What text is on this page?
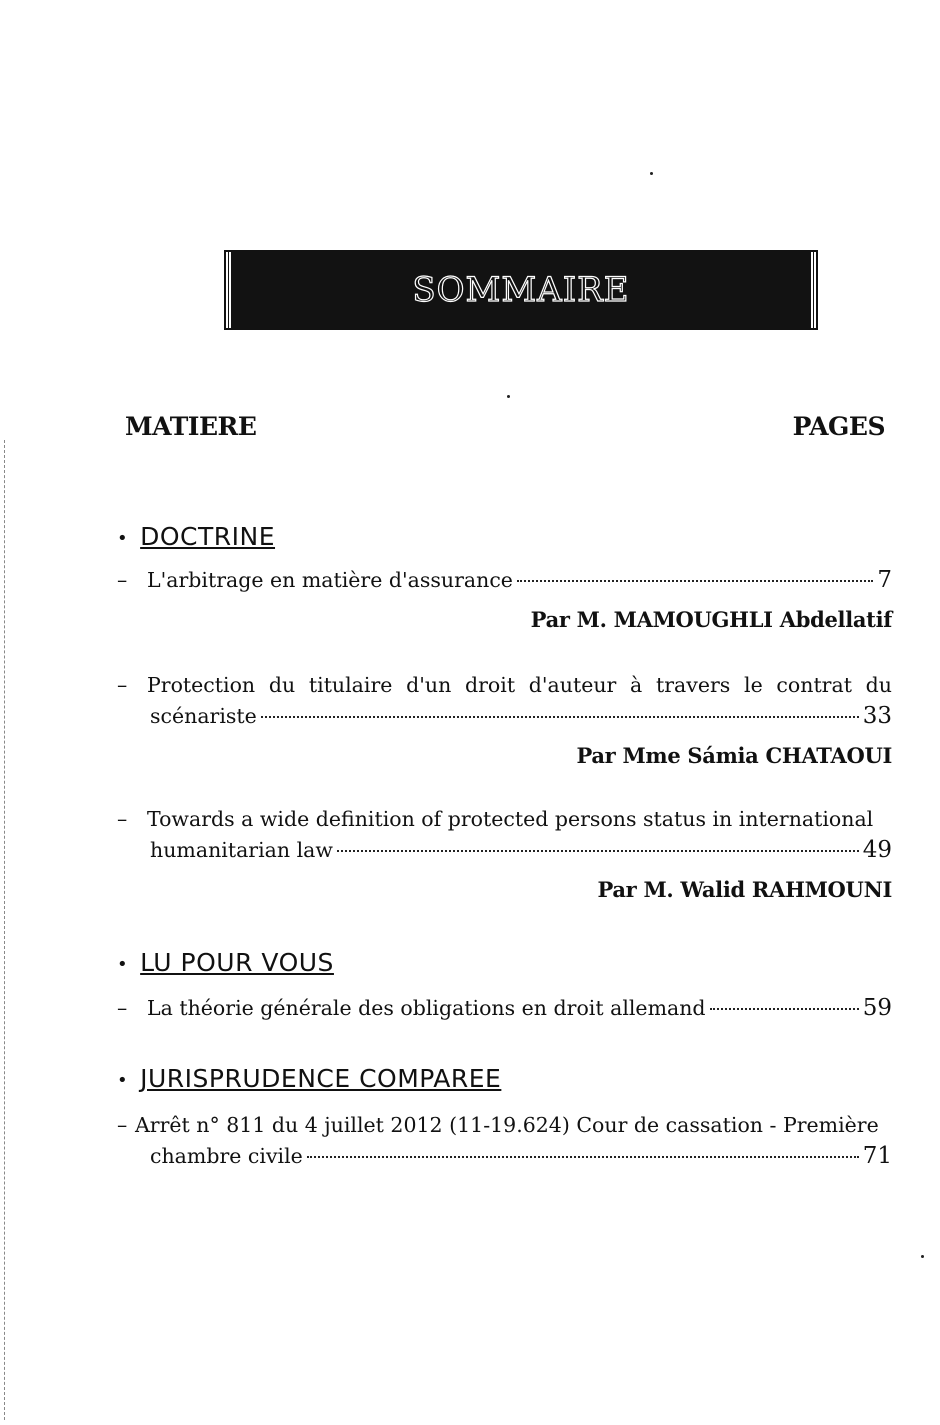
SOMMAIRE
MATIERE	PAGES
• DOCTRINE
– L'arbitrage en matière d'assurance	7
Par M. MAMOUGHLI Abdellatif
– Protection du titulaire d'un droit d'auteur à travers le contrat du
scénariste	33
Par Mme Sámia CHATAOUI
– Towards a wide definition of protected persons status in international
humanitarian law	49
Par M. Walid RAHMOUNI
• LU POUR VOUS
– La théorie générale des obligations en droit allemand	59
• JURISPRUDENCE COMPAREE
– Arrêt n° 811 du 4 juillet 2012 (11-19.624) Cour de cassation - Première
chambre civile	71
